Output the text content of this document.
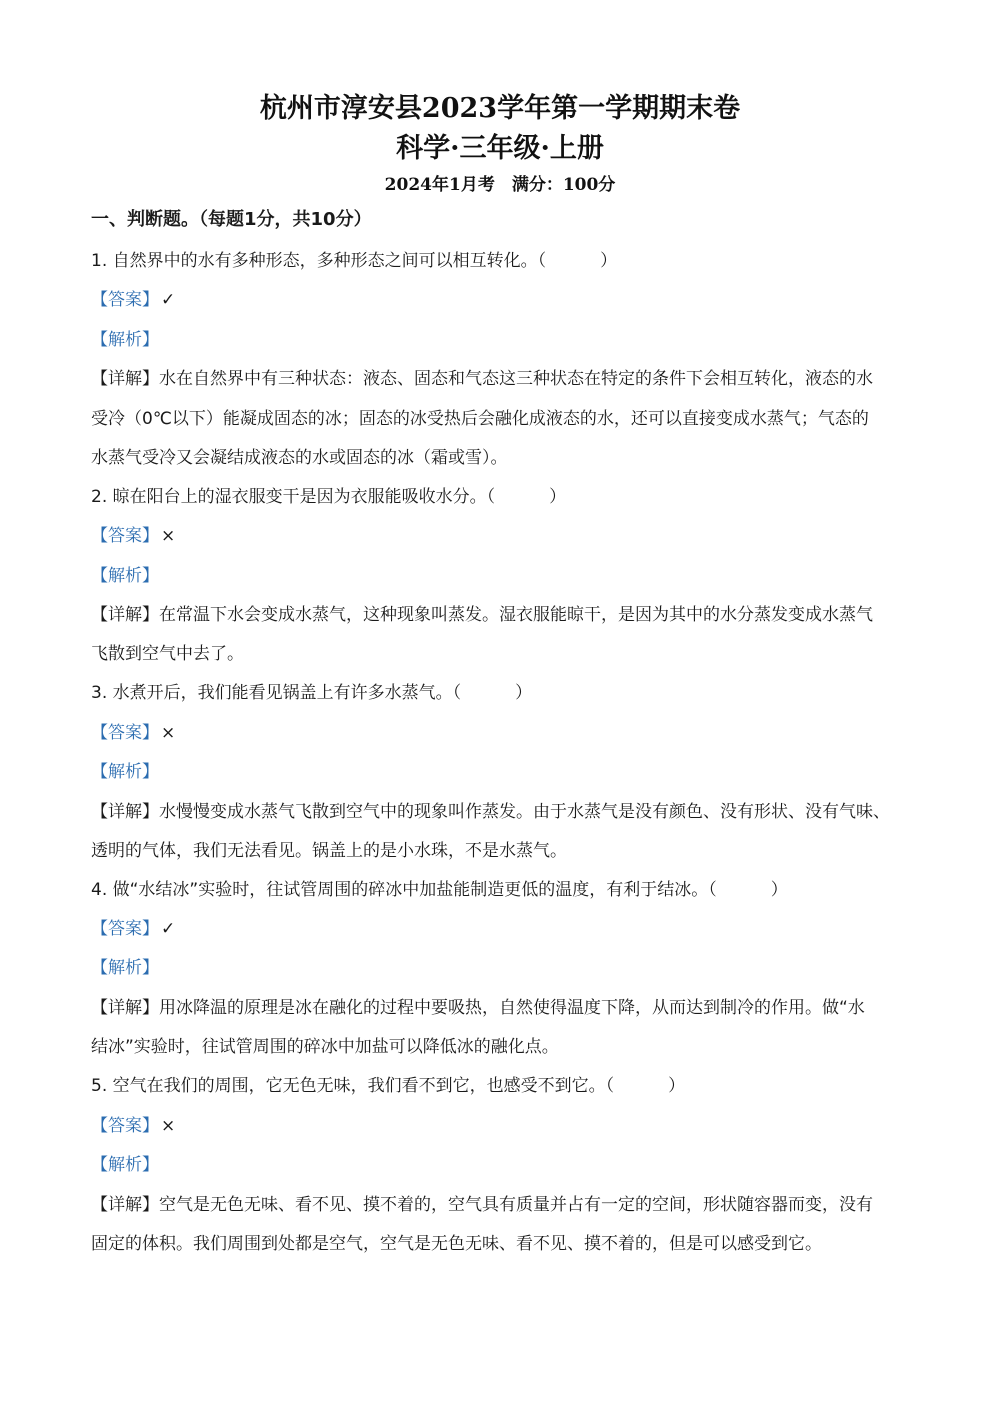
杭州市淳安县2023学年第一学期期末卷
科学·三年级·上册
2024年1月考　满分：100分
一、判断题。（每题1分，共10分）
1. 自然界中的水有多种形态，多种形态之间可以相互转化。（	）
【答案】 ✓
【解析】
【详解】水在自然界中有三种状态：液态、固态和气态这三种状态在特定的条件下会相互转化，液态的水
受冷（0℃以下）能凝成固态的冰；固态的冰受热后会融化成液态的水，还可以直接变成水蒸气；气态的
水蒸气受冷又会凝结成液态的水或固态的冰（霜或雪）。
2. 晾在阳台上的湿衣服变干是因为衣服能吸收水分。（	）
【答案】 ×
【解析】
【详解】在常温下水会变成水蒸气，这种现象叫蒸发。湿衣服能晾干，是因为其中的水分蒸发变成水蒸气
飞散到空气中去了。
3. 水煮开后，我们能看见锅盖上有许多水蒸气。（	）
【答案】 ×
【解析】
【详解】水慢慢变成水蒸气飞散到空气中的现象叫作蒸发。由于水蒸气是没有颜色、没有形状、没有气味、
透明的气体，我们无法看见。锅盖上的是小水珠，不是水蒸气。
4. 做“水结冰”实验时，往试管周围的碎冰中加盐能制造更低的温度，有利于结冰。（	）
【答案】 ✓
【解析】
【详解】用冰降温的原理是冰在融化的过程中要吸热，自然使得温度下降，从而达到制冷的作用。做“水
结冰”实验时，往试管周围的碎冰中加盐可以降低冰的融化点。
5. 空气在我们的周围，它无色无味，我们看不到它，也感受不到它。（	）
【答案】 ×
【解析】
【详解】空气是无色无味、看不见、摸不着的，空气具有质量并占有一定的空间，形状随容器而变，没有
固定的体积。我们周围到处都是空气，空气是无色无味、看不见、摸不着的，但是可以感受到它。
